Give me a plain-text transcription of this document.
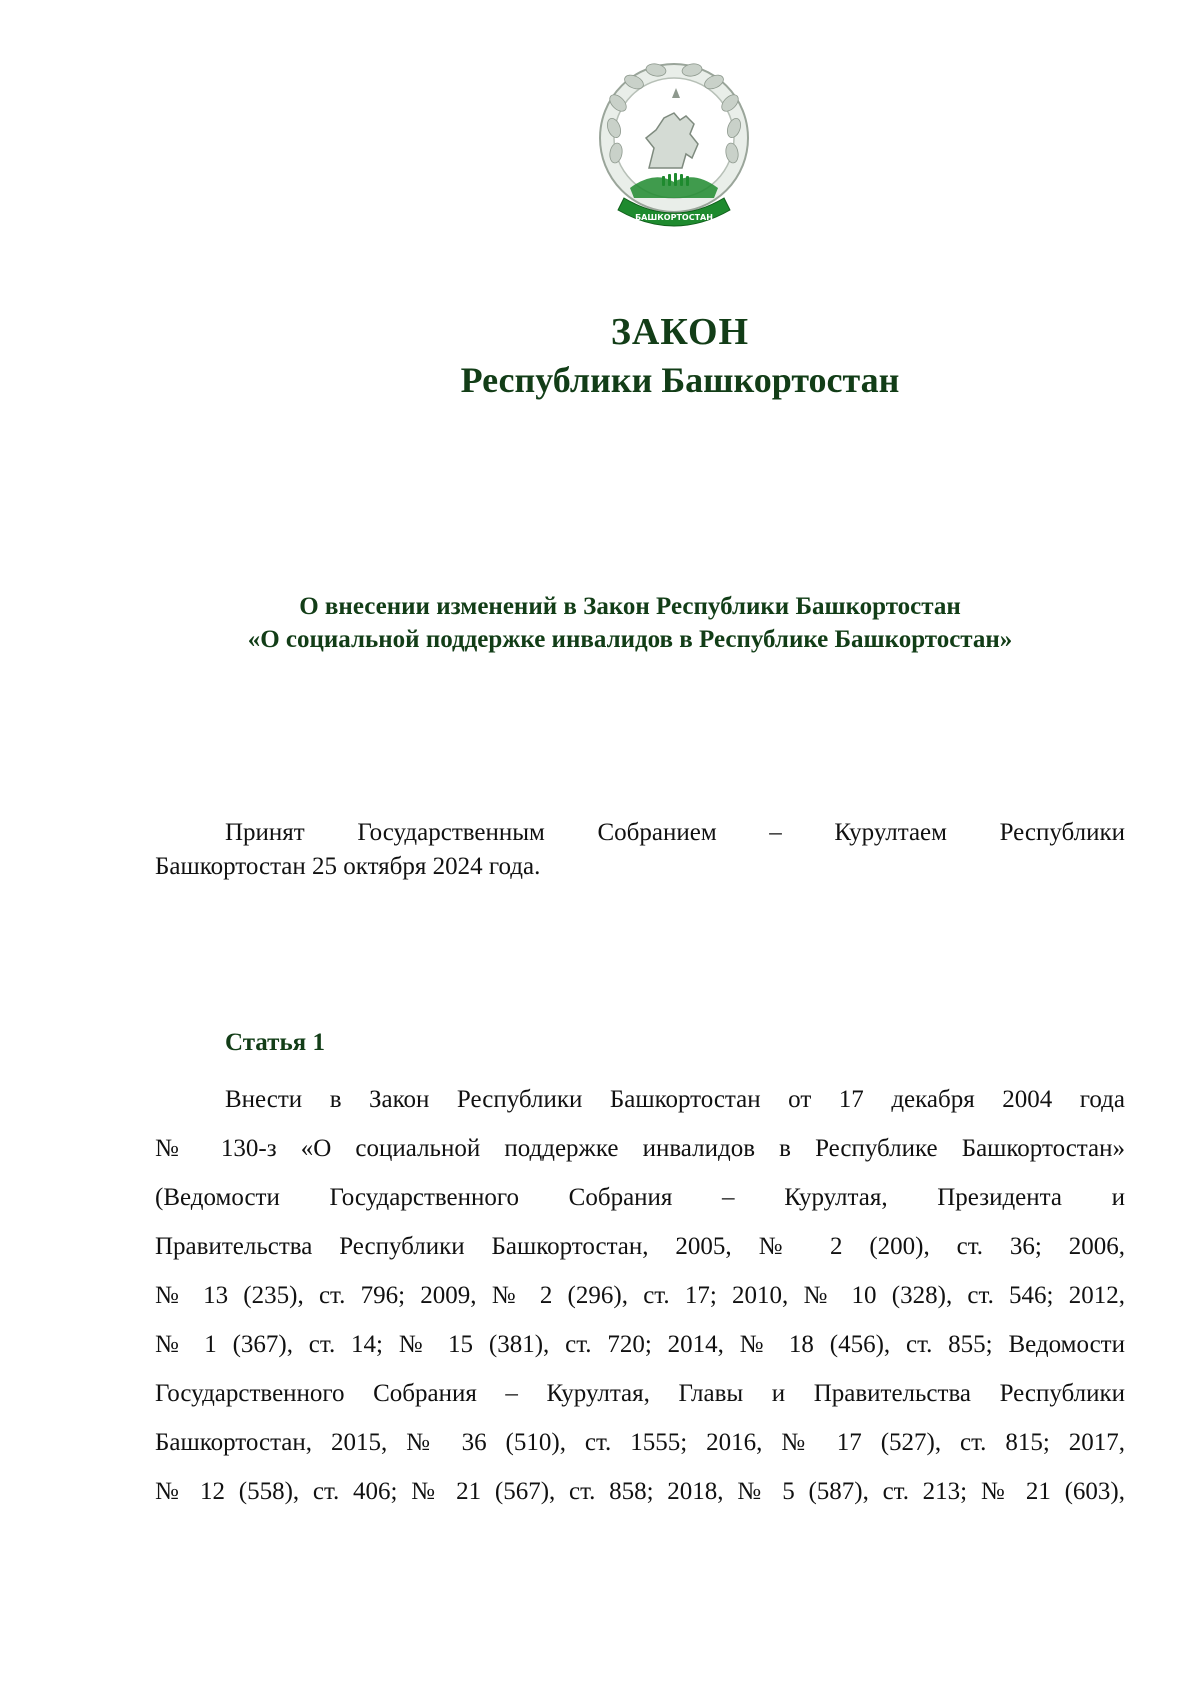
БАШКОРТОСТАН
ЗАКОН
Республики Башкортостан
О внесении изменений в Закон Республики Башкортостан
«О социальной поддержке инвалидов в Республике Башкортостан»
Принят Государственным Собранием – Курултаем Республики
Башкортостан 25 октября 2024 года.
Статья 1
Внести в Закон Республики Башкортостан от 17 декабря 2004 года
№ 130-з «О социальной поддержке инвалидов в Республике Башкортостан»
(Ведомости Государственного Собрания – Курултая, Президента и
Правительства Республики Башкортостан, 2005, № 2 (200), ст. 36; 2006,
№ 13 (235), ст. 796; 2009, № 2 (296), ст. 17; 2010, № 10 (328), ст. 546; 2012,
№ 1 (367), ст. 14; № 15 (381), ст. 720; 2014, № 18 (456), ст. 855; Ведомости
Государственного Собрания – Курултая, Главы и Правительства Республики
Башкортостан, 2015, № 36 (510), ст. 1555; 2016, № 17 (527), ст. 815; 2017,
№ 12 (558), ст. 406; № 21 (567), ст. 858; 2018, № 5 (587), ст. 213; № 21 (603),
